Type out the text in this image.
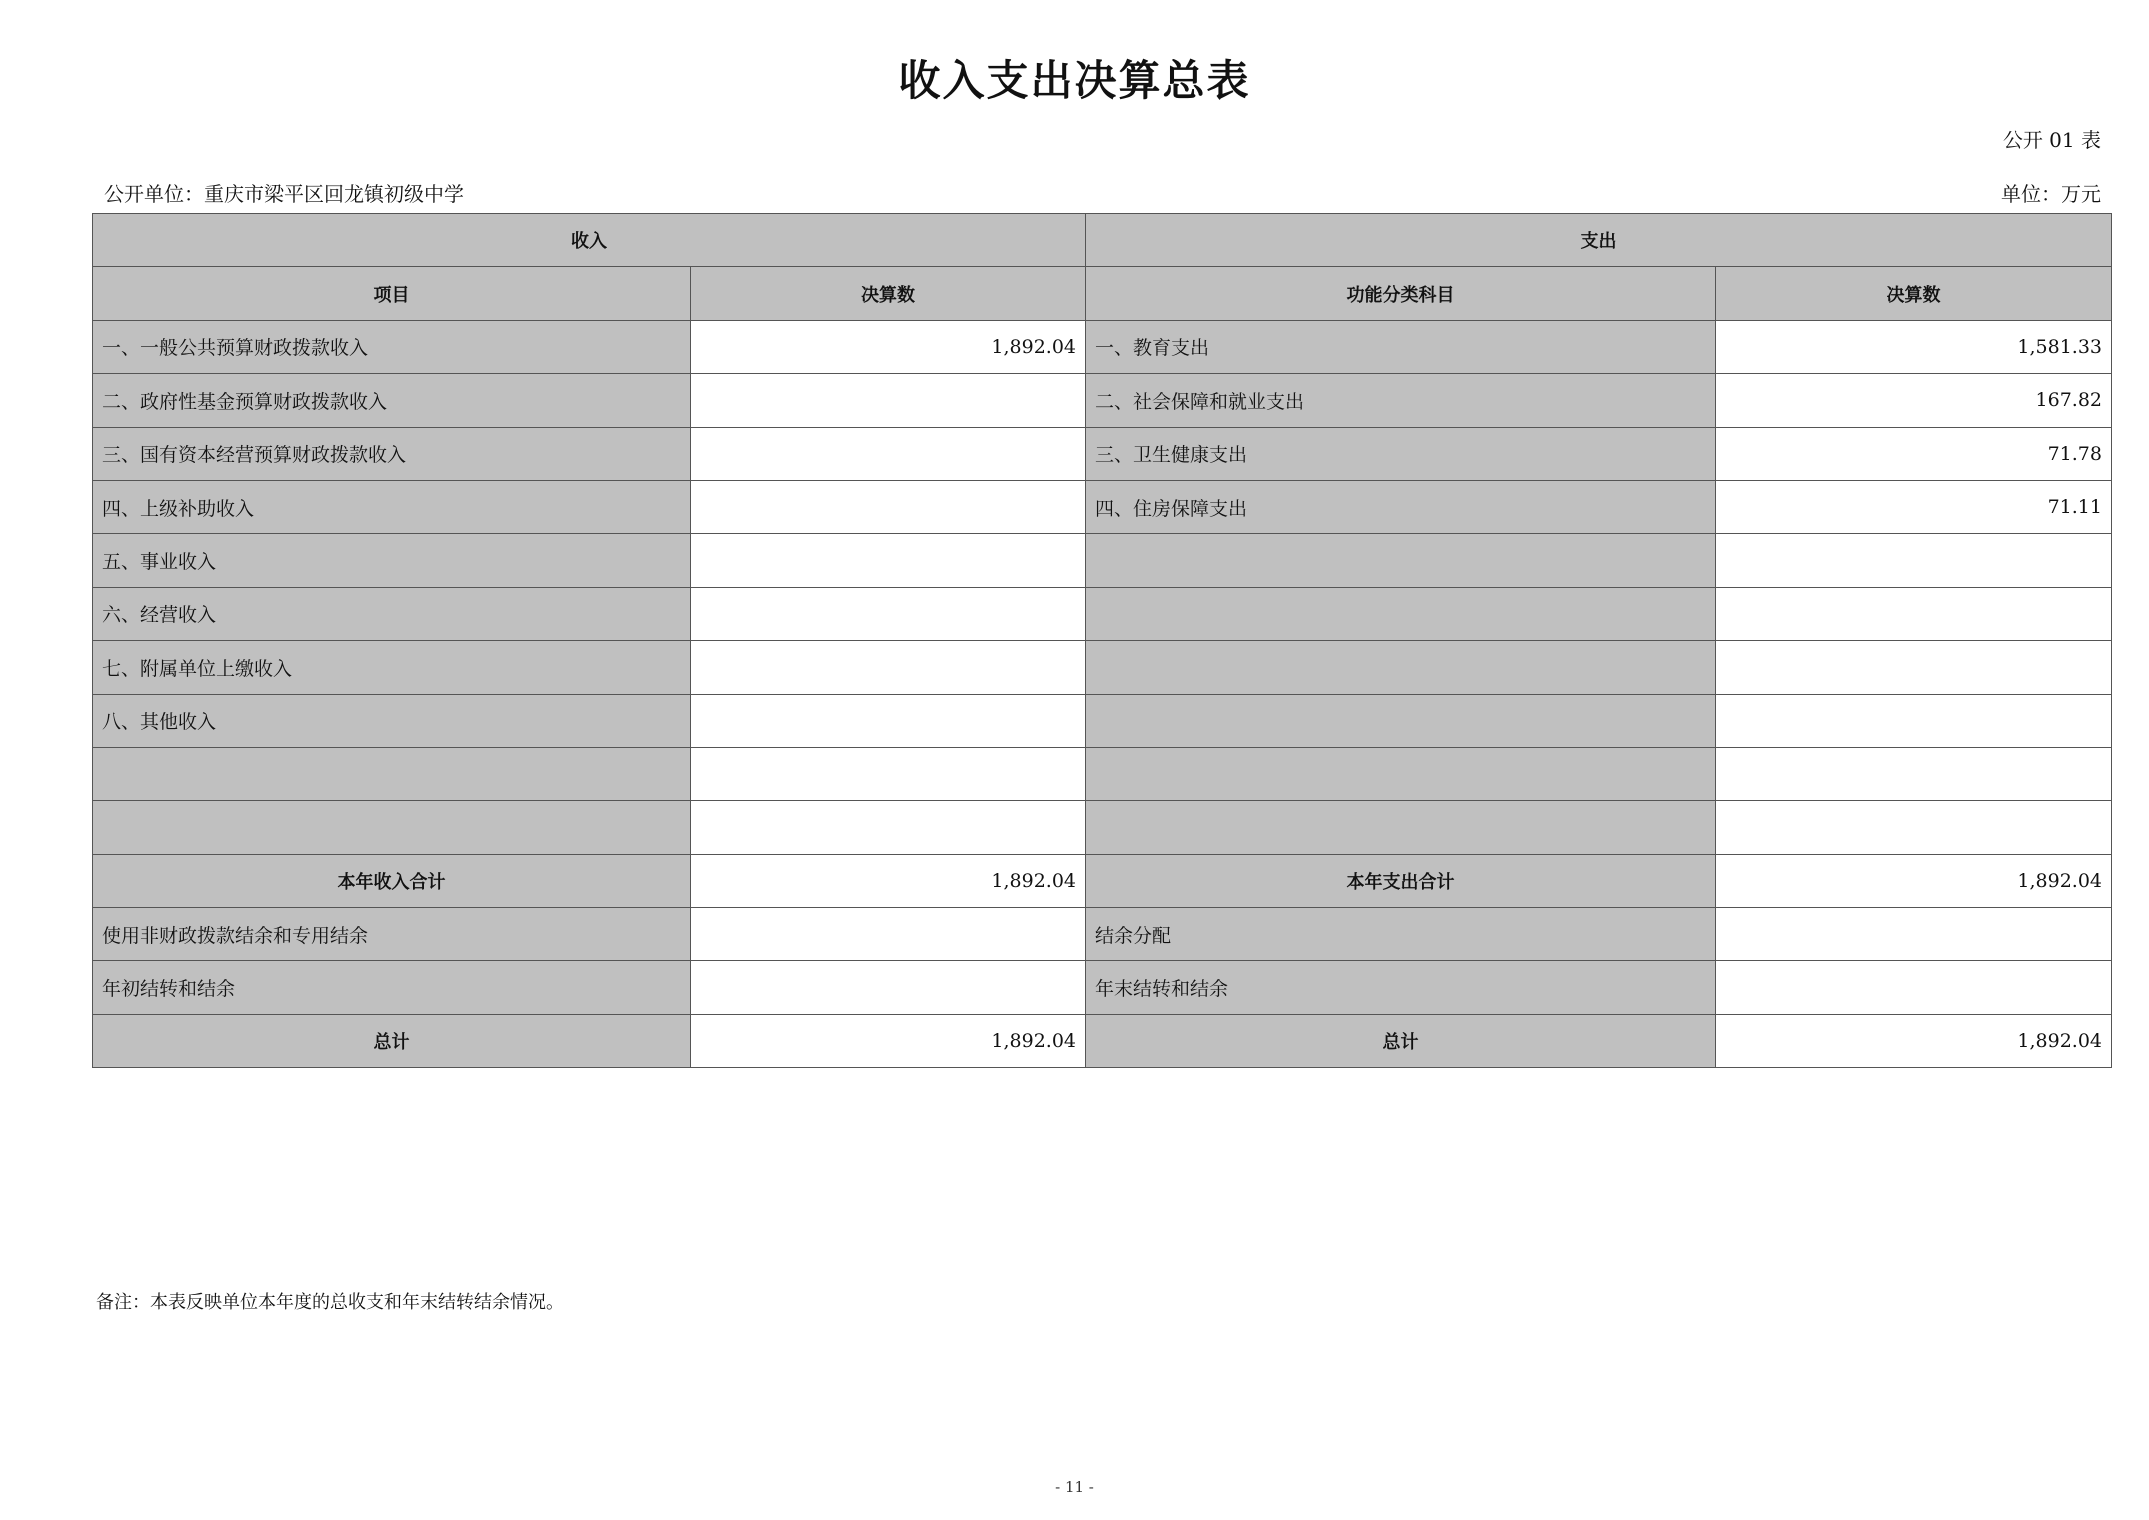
收入支出决算总表
公开 01 表
公开单位：重庆市梁平区回龙镇初级中学	单位：万元
收入		支出	
项目	决算数	功能分类科目	决算数
一、一般公共预算财政拨款收入	1,892.04	一、教育支出	1,581.33
二、政府性基金预算财政拨款收入		二、社会保障和就业支出	167.82
三、国有资本经营预算财政拨款收入		三、卫生健康支出	71.78
四、上级补助收入		四、住房保障支出	71.11
五、事业收入			
六、经营收入			
七、附属单位上缴收入			
八、其他收入			

本年收入合计	1,892.04	本年支出合计	1,892.04
使用非财政拨款结余和专用结余		结余分配	
年初结转和结余		年末结转和结余	
总计	1,892.04	总计	1,892.04
备注：本表反映单位本年度的总收支和年末结转结余情况。
- 11 -
